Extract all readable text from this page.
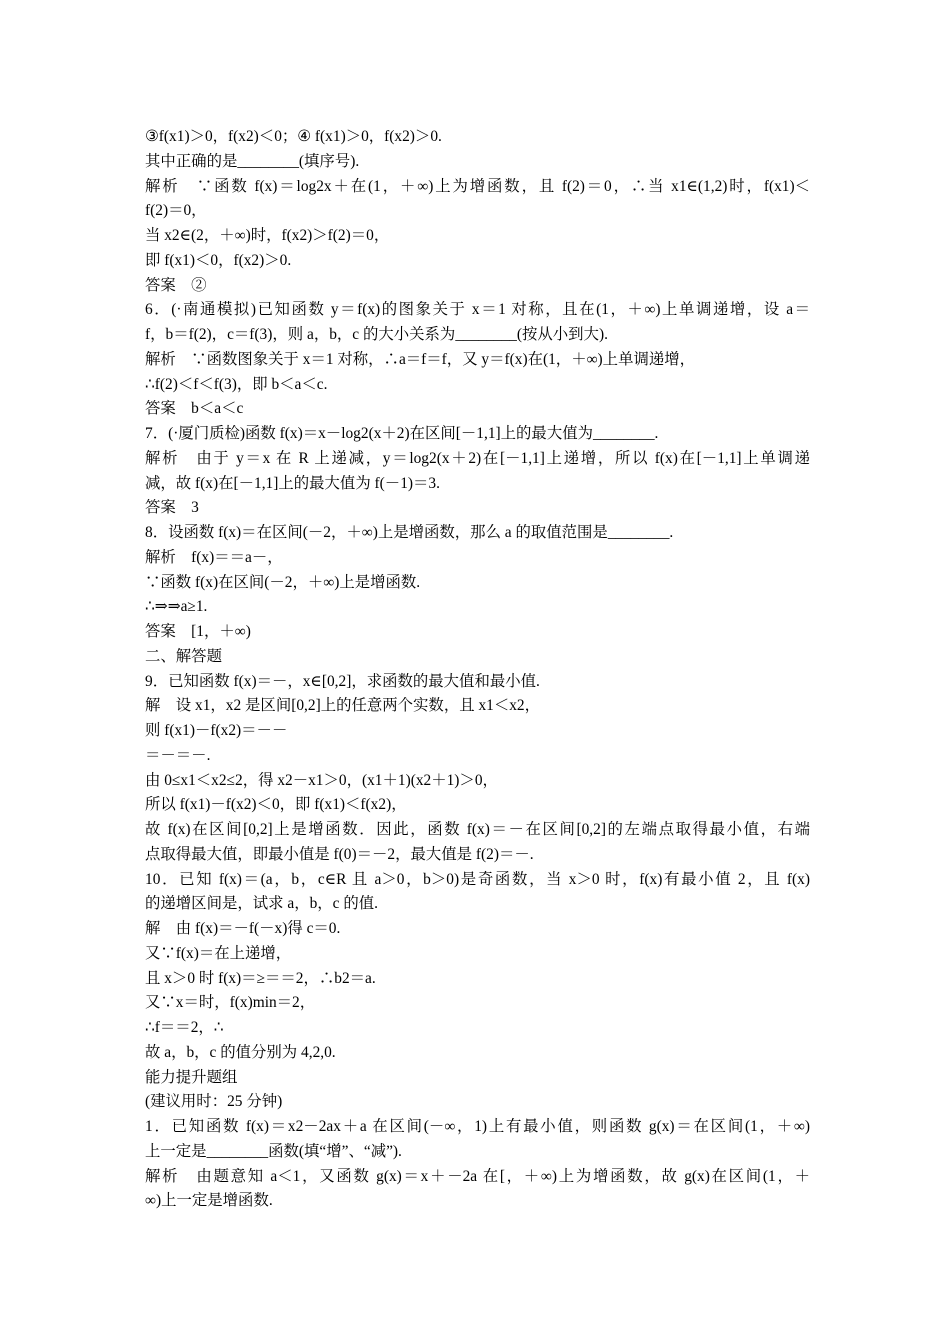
③f(x1)＞0，f(x2)＜0；④ f(x1)＞0，f(x2)＞0.
其中正确的是________(填序号).
解析　∵函数 f(x)＝log2x＋在(1，＋∞)上为增函数，且 f(2)＝0，∴当 x1∈(1,2)时，f(x1)＜
f(2)＝0，
当 x2∈(2，＋∞)时，f(x2)＞f(2)＝0，
即 f(x1)＜0，f(x2)＞0.
答案　②
6．(·南通模拟)已知函数 y＝f(x)的图象关于 x＝1 对称，且在(1，＋∞)上单调递增，设 a＝
f，b＝f(2)，c＝f(3)，则 a，b，c 的大小关系为________(按从小到大).
解析　∵函数图象关于 x＝1 对称，∴a＝f＝f，又 y＝f(x)在(1，＋∞)上单调递增，
∴f(2)＜f＜f(3)，即 b＜a＜c.
答案　b＜a＜c
7．(·厦门质检)函数 f(x)＝x－log2(x＋2)在区间[－1,1]上的最大值为________.
解析　由于 y＝x 在 R 上递减，y＝log2(x＋2)在[－1,1]上递增，所以 f(x)在[－1,1]上单调递
减，故 f(x)在[－1,1]上的最大值为 f(－1)＝3.
答案　3
8．设函数 f(x)＝在区间(－2，＋∞)上是增函数，那么 a 的取值范围是________.
解析　f(x)＝＝a－，
∵函数 f(x)在区间(－2，＋∞)上是增函数.
∴⇒⇒a≥1.
答案　[1，＋∞)
二、解答题
9．已知函数 f(x)＝－，x∈[0,2]，求函数的最大值和最小值.
解　设 x1，x2 是区间[0,2]上的任意两个实数，且 x1＜x2，
则 f(x1)－f(x2)＝－－
＝－＝－.
由 0≤x1＜x2≤2，得 x2－x1＞0，(x1＋1)(x2＋1)＞0，
所以 f(x1)－f(x2)＜0，即 f(x1)＜f(x2)，
故 f(x)在区间[0,2]上是增函数．因此，函数 f(x)＝－在区间[0,2]的左端点取得最小值，右端
点取得最大值，即最小值是 f(0)＝－2，最大值是 f(2)＝－.
10．已知 f(x)＝(a，b，c∈R 且 a＞0，b＞0)是奇函数，当 x＞0 时，f(x)有最小值 2，且 f(x)
的递增区间是，试求 a，b，c 的值.
解　由 f(x)＝－f(－x)得 c＝0.
又∵f(x)＝在上递增，
且 x＞0 时 f(x)＝≥＝＝2，∴b2＝a.
又∵x＝时，f(x)min＝2，
∴f＝＝2，∴
故 a，b，c 的值分别为 4,2,0.
能力提升题组
(建议用时：25 分钟)
1．已知函数 f(x)＝x2－2ax＋a 在区间(－∞，1)上有最小值，则函数 g(x)＝在区间(1，＋∞)
上一定是________函数(填“增”、“减”).
解析　由题意知 a＜1，又函数 g(x)＝x＋－2a 在[，＋∞)上为增函数，故 g(x)在区间(1，＋
∞)上一定是增函数.
